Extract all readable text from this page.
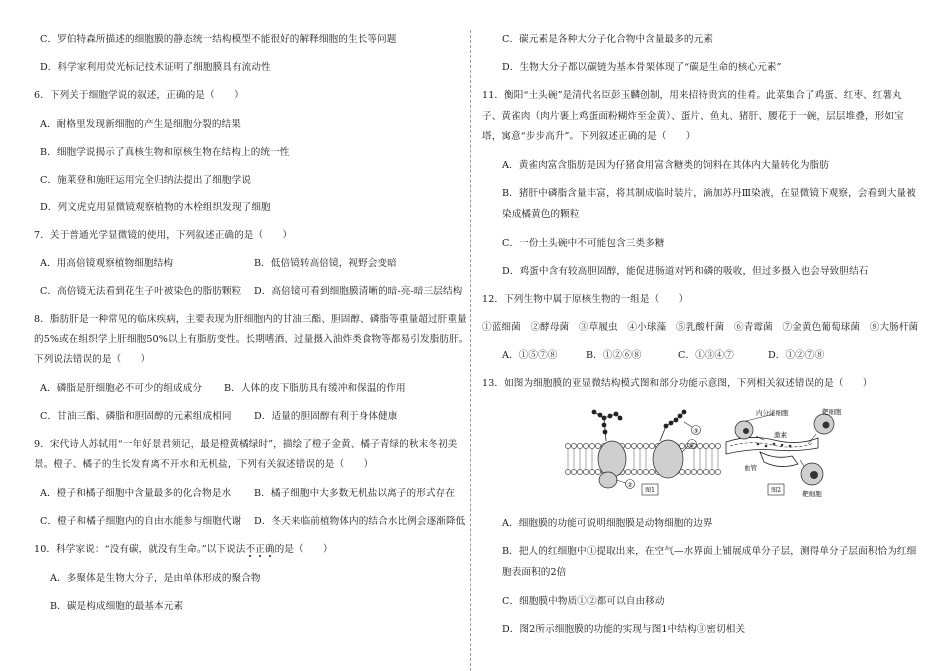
C．罗伯特森所描述的细胞膜的静态统一结构模型不能很好的解释细胞的生长等问题
D．科学家利用荧光标记技术证明了细胞膜具有流动性
6．下列关于细胞学说的叙述，正确的是（　　）
A．耐格里发现新细胞的产生是细胞分裂的结果
B．细胞学说揭示了真核生物和原核生物在结构上的统一性
C．施莱登和施旺运用完全归纳法提出了细胞学说
D．列文虎克用显微镜观察植物的木栓组织发现了细胞
7．关于普通光学显微镜的使用，下列叙述正确的是（　　）
A．用高倍镜观察植物细胞结构	B．低倍镜转高倍镜，视野会变暗
C．高倍镜无法看到花生子叶被染色的脂肪颗粒 D．高倍镜可看到细胞膜清晰的暗-亮-暗三层结构
8．脂肪肝是一种常见的临床疾病，主要表现为肝细胞内的甘油三酯、胆固醇、磷脂等重量超过肝重量
的5%或在组织学上肝细胞50%以上有脂肪变性。长期嗜酒、过量摄入油炸类食物等都易引发脂肪肝。
下列说法错误的是（　　）
A．磷脂是肝细胞必不可少的组成成分 B．人体的皮下脂肪具有缓冲和保温的作用
C．甘油三酯、磷脂和胆固醇的元素组成相同 D．适量的胆固醇有利于身体健康
9．宋代诗人苏轼用“一年好景君须记，最是橙黄橘绿时”，描绘了橙子金黄、橘子青绿的秋末冬初美
景。橙子、橘子的生长发育离不开水和无机盐，下列有关叙述错误的是（　　）
A．橙子和橘子细胞中含量最多的化合物是水 B．橘子细胞中大多数无机盐以离子的形式存在
C．橙子和橘子细胞内的自由水能参与细胞代谢 D．冬天来临前植物体内的结合水比例会逐渐降低
10．科学家说：“没有碳，就没有生命。”以下说法不正确
的是（　　）
A．多聚体是生物大分子，是由单体形成的聚合物
B．碳是构成细胞的最基本元素
C．碳元素是各种大分子化合物中含量最多的元素
D．生物大分子都以碳链为基本骨架体现了“碳是生命的核心元素”
11．衡阳“土头碗”是清代名臣彭玉麟创制，用来招待贵宾的佳肴。此菜集合了鸡蛋、红枣、红薯丸
子、黄雀肉（肉片裹上鸡蛋面粉糊炸至金黄）、蛋片、鱼丸、猪肝、腰花于一碗，层层堆叠，形如宝
塔，寓意“步步高升”。下列叙述正确的是（　　）
A．黄雀肉富含脂肪是因为仔猪食用富含糖类的饲料在其体内大量转化为脂肪
B．猪肝中磷脂含量丰富，将其制成临时装片，滴加苏丹Ⅲ染液，在显微镜下观察，会看到大量被
染成橘黄色的颗粒
C．一份土头碗中不可能包含三类多糖
D．鸡蛋中含有较高胆固醇，能促进肠道对钙和磷的吸收，但过多摄入也会导致胆结石
12．下列生物中属于原核生物的一组是（　　）
①蓝细菌　②酵母菌　③草履虫　④小球藻　⑤乳酸杆菌　⑥青霉菌　⑦金黄色葡萄球菌　⑧大肠杆菌
A．①⑤⑦⑧	B．①②⑥⑧	C．①③④⑦	D．①②⑦⑧
13．如图为细胞膜的亚显微结构模式图和部分功能示意图，下列相关叙述错误的是（　　）
A．细胞膜的功能可说明细胞膜是动物细胞的边界
B．把人的红细胞中①提取出来，在空气—水界面上铺展成单分子层，测得单分子层面积恰为红细
胞表面积的2倍
C．细胞膜中物质①②都可以自由移动
D．图2所示细胞膜的功能的实现与图1中结构③密切相关
③
①
②
图1
内分泌细胞	靶细胞
激素
血管
靶细胞
图2
